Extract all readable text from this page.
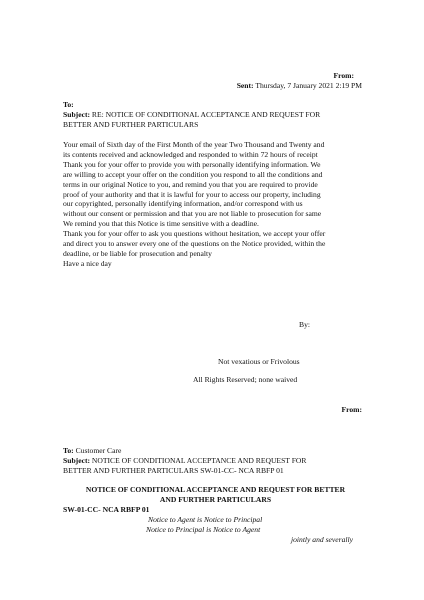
From:
Sent: Thursday, 7 January 2021 2:19 PM
To:
Subject: RE: NOTICE OF CONDITIONAL ACCEPTANCE AND REQUEST FOR
BETTER AND FURTHER PARTICULARS
Your email of Sixth day of the First Month of the year Two Thousand and Twenty and
its contents received and acknowledged and responded to within 72 hours of receipt
Thank you for your offer to provide you with personally identifying information. We
are willing to accept your offer on the condition you respond to all the conditions and
terms in our original Notice to you, and remind you that you are required to provide
proof of your authority and that it is lawful for your to access our property, including
our copyrighted, personally identifying information, and/or correspond with us
without our consent or permission and that you are not liable to prosecution for same
We remind you that this Notice is time sensitive with a deadline.
Thank you for your offer to ask you questions without hesitation, we accept your offer
and direct you to answer every one of the questions on the Notice provided, within the
deadline, or be liable for prosecution and penalty
Have a nice day
By:
Not vexatious or Frivolous
All Rights Reserved; none waived
From:
To: Customer Care
Subject: NOTICE OF CONDITIONAL ACCEPTANCE AND REQUEST FOR
BETTER AND FURTHER PARTICULARS SW-01-CC- NCA RBFP 01
NOTICE OF CONDITIONAL ACCEPTANCE AND REQUEST FOR BETTER
AND FURTHER PARTICULARS
SW-01-CC- NCA RBFP 01
Notice to Agent is Notice to Principal
Notice to Principal is Notice to Agent
jointly and severally
